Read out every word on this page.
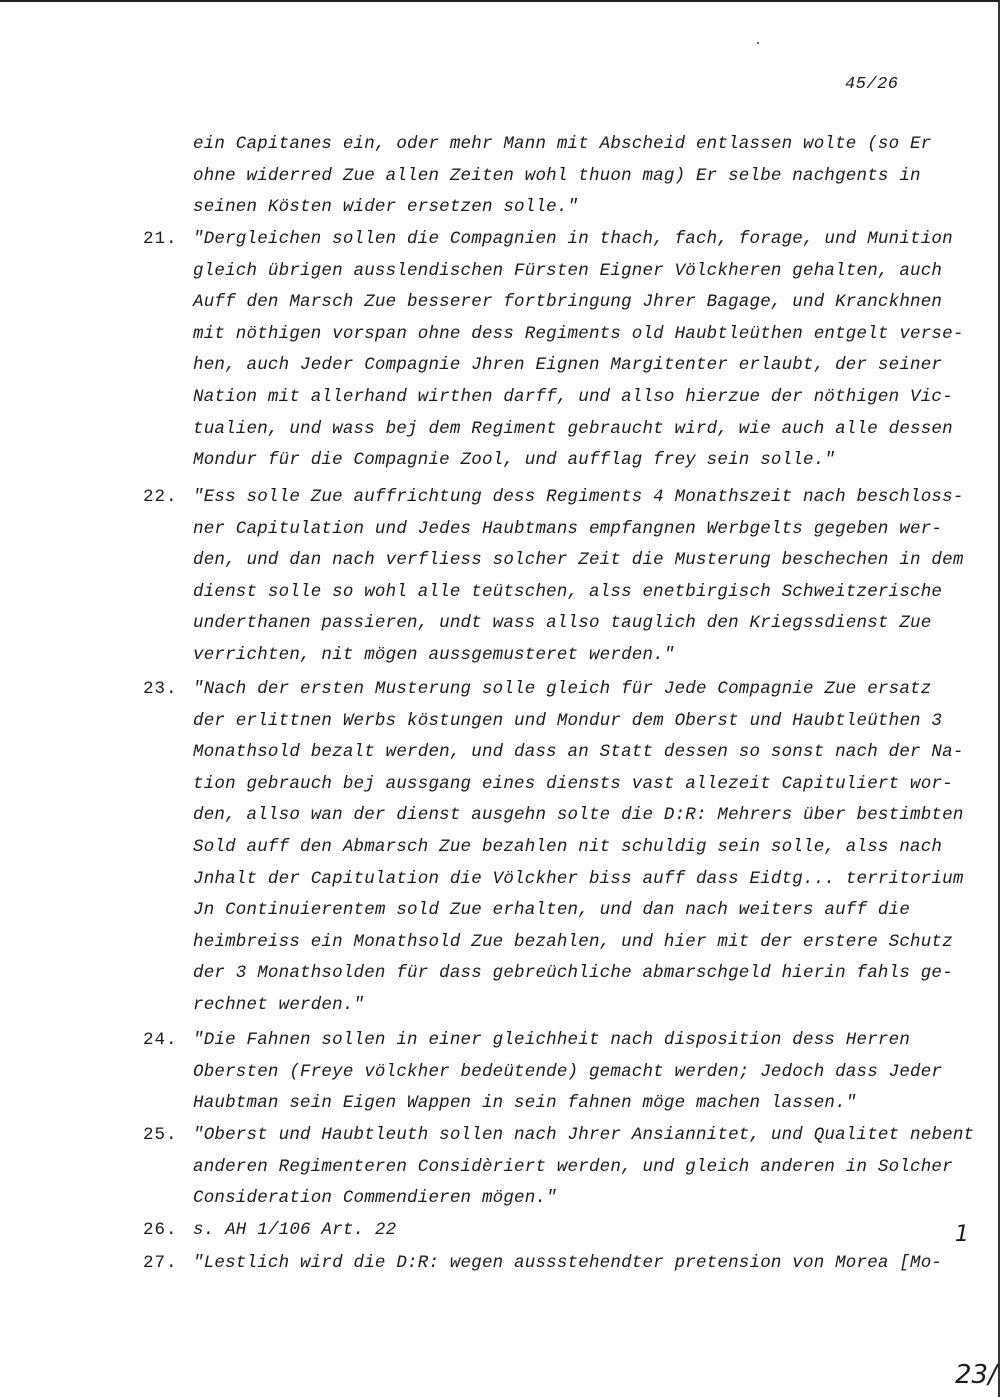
45/26
ein Capitanes ein, oder mehr Mann mit Abscheid entlassen wolte (so Er
ohne widerred Zue allen Zeiten wohl thuon mag) Er selbe nachgents in
seinen Kösten wider ersetzen solle."
21. "Dergleichen sollen die Compagnien in thach, fach, forage, und Munition
gleich übrigen ausslendischen Fürsten Eigner Völckheren gehalten, auch
Auff den Marsch Zue besserer fortbringung Jhrer Bagage, und Kranckhnen
mit nöthigen vorspan ohne dess Regiments old Haubtleüthen entgelt verse-
hen, auch Jeder Compagnie Jhren Eignen Margitenter erlaubt, der seiner
Nation mit allerhand wirthen darff, und allso hierzue der nöthigen Vic-
tualien, und wass bej dem Regiment gebraucht wird, wie auch alle dessen
Mondur für die Compagnie Zool, und aufflag frey sein solle."
22. "Ess solle Zue auffrichtung dess Regiments 4 Monathszeit nach beschloss-
ner Capitulation und Jedes Haubtmans empfangnen Werbgelts gegeben wer-
den, und dan nach verfliess solcher Zeit die Musterung beschechen in dem
dienst solle so wohl alle teütschen, alss enetbirgisch Schweitzerische
underthanen passieren, undt wass allso tauglich den Kriegssdienst Zue
verrichten, nit mögen aussgemusteret werden."
23. "Nach der ersten Musterung solle gleich für Jede Compagnie Zue ersatz
der erlittnen Werbs köstungen und Mondur dem Oberst und Haubtleüthen 3
Monathsold bezalt werden, und dass an Statt dessen so sonst nach der Na-
tion gebrauch bej aussgang eines diensts vast allezeit Capituliert wor-
den, allso wan der dienst ausgehn solte die D:R: Mehrers über bestimbten
Sold auff den Abmarsch Zue bezahlen nit schuldig sein solle, alss nach
Jnhalt der Capitulation die Völckher biss auff dass Eidtg... territorium
Jn Continuierentem sold Zue erhalten, und dan nach weiters auff die
heimbreiss ein Monathsold Zue bezahlen, und hier mit der erstere Schutz
der 3 Monathsolden für dass gebreüchliche abmarschgeld hierin fahls ge-
rechnet werden."
24. "Die Fahnen sollen in einer gleichheit nach disposition dess Herren
Obersten (Freye völckher bedeütende) gemacht werden; Jedoch dass Jeder
Haubtman sein Eigen Wappen in sein fahnen möge machen lassen."
25. "Oberst und Haubtleuth sollen nach Jhrer Ansiannitet, und Qualitet nebent
anderen Regimenteren Considèriert werden, und gleich anderen in Solcher
Consideration Commendieren mögen."
26. s. AH 1/106 Art. 22
27. "Lestlich wird die D:R: wegen aussstehendter pretension von Morea [Mo-
1
23/
